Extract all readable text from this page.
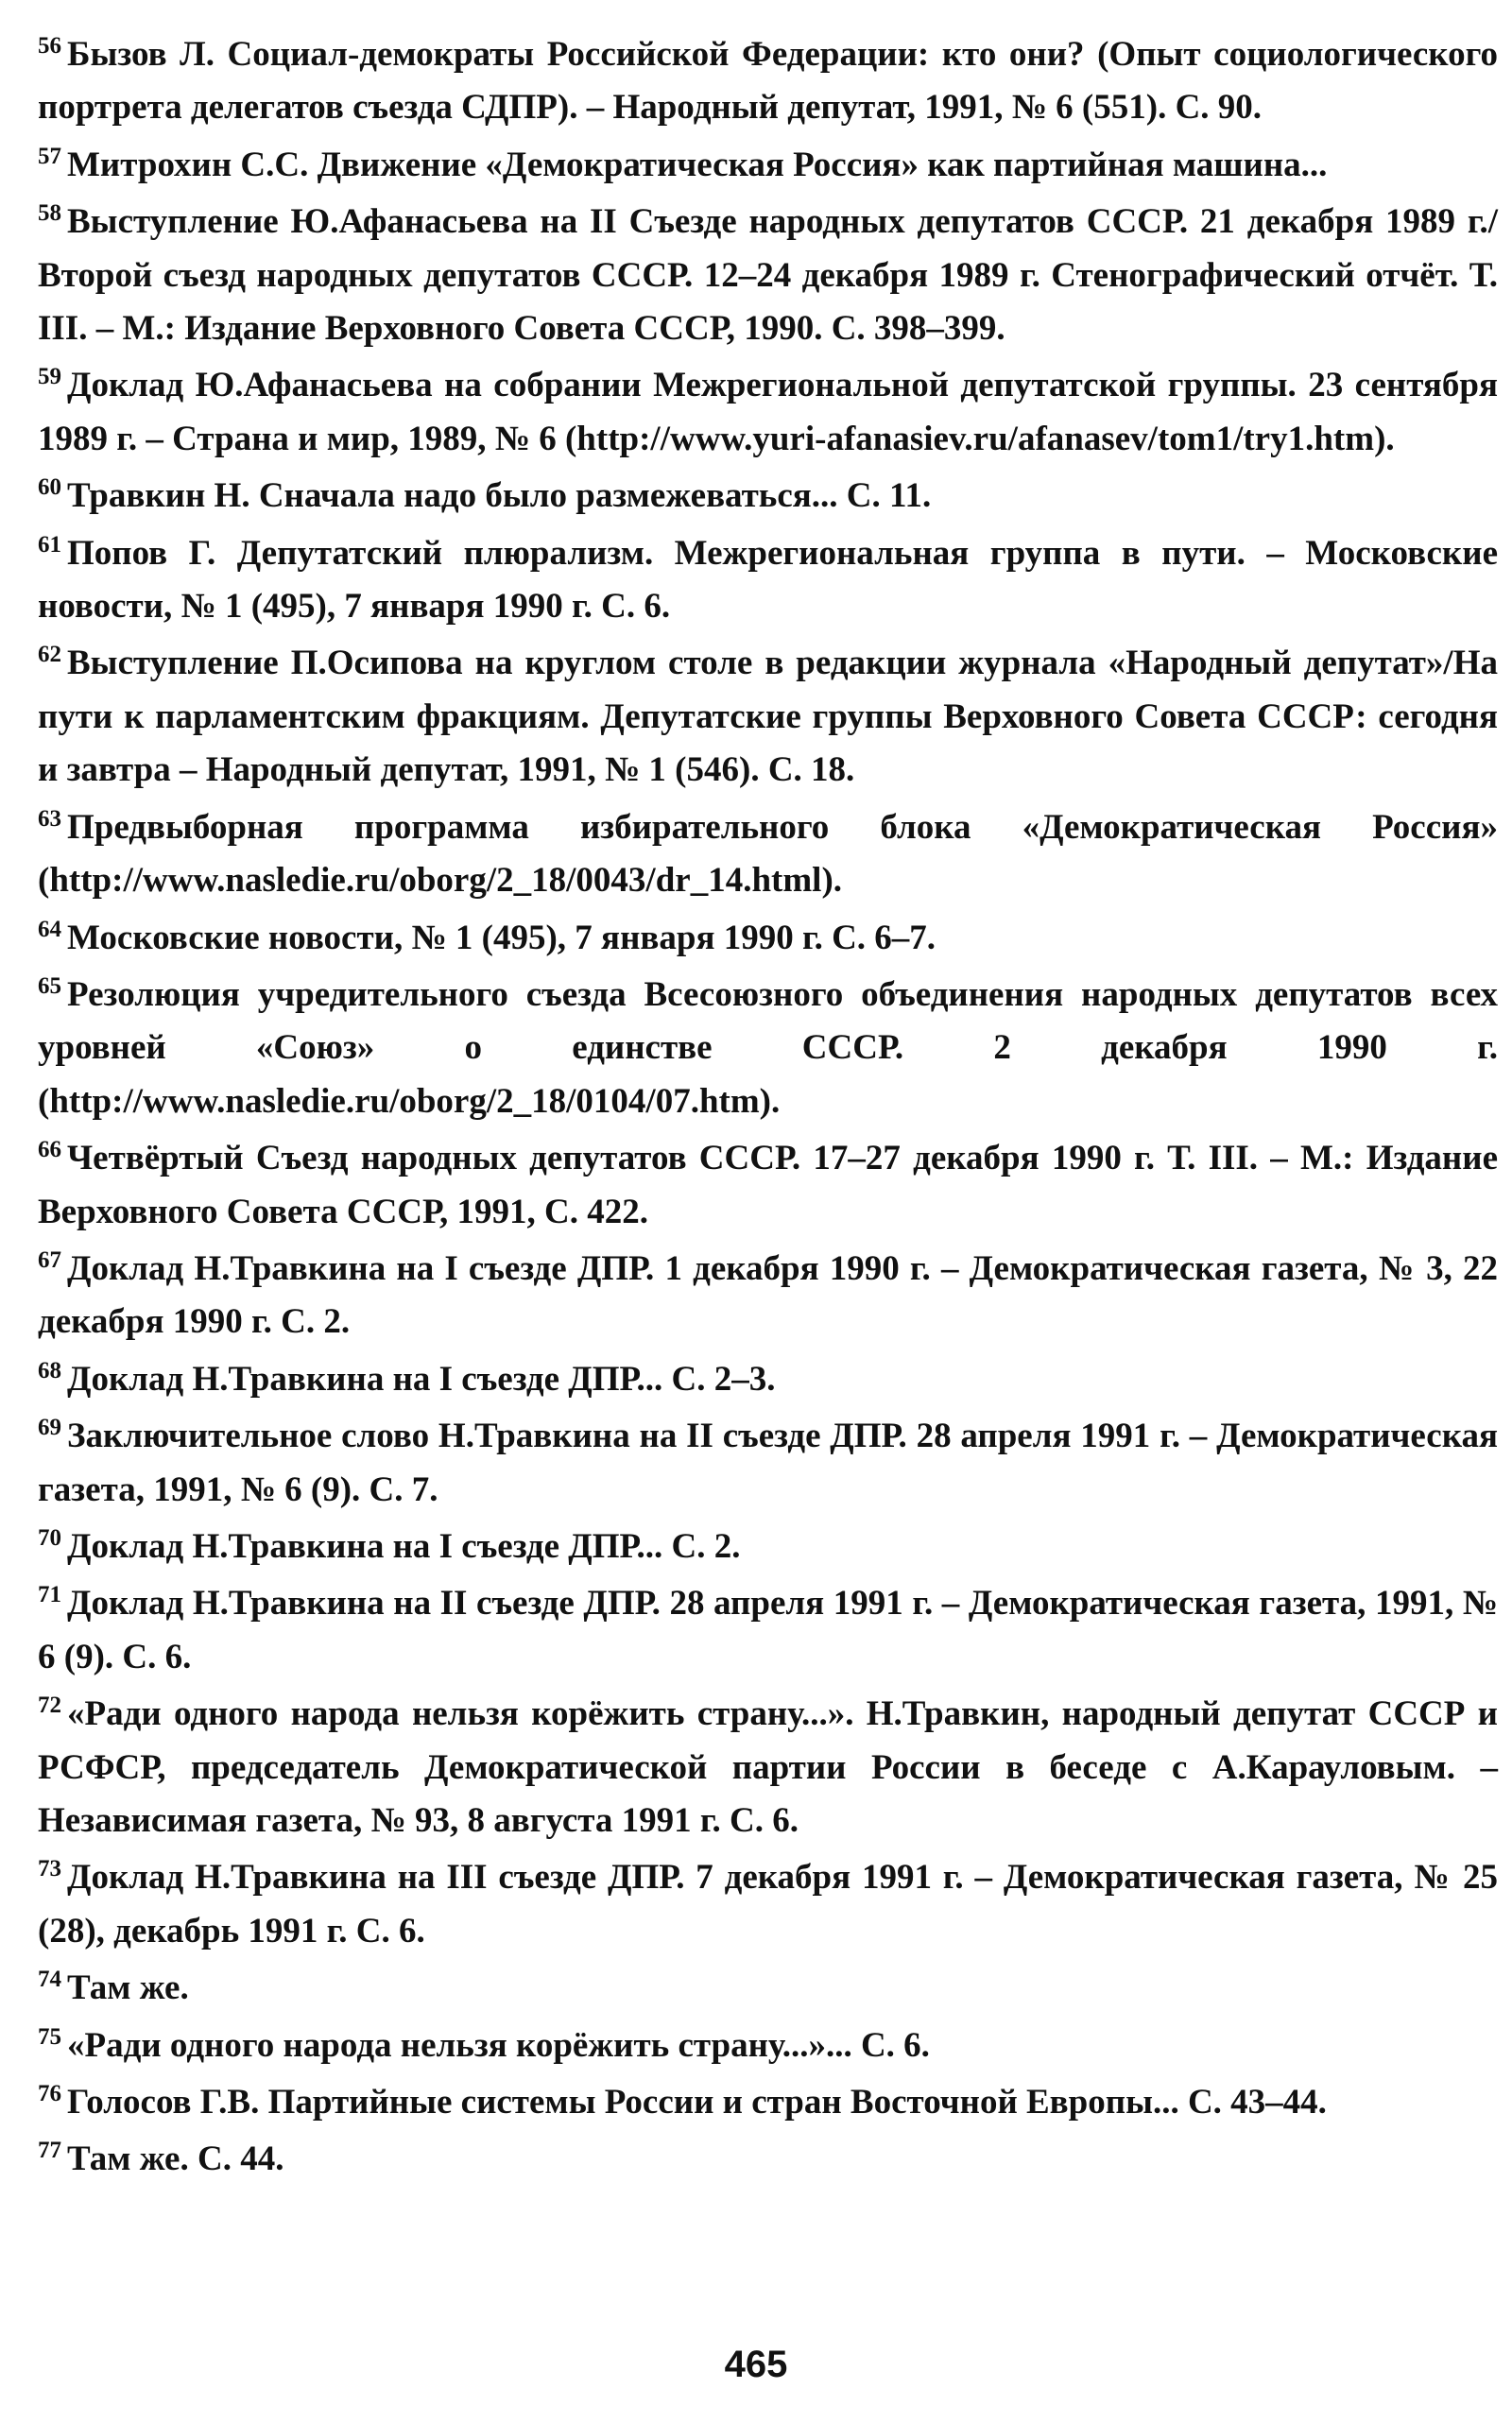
$^{56}$ Бызов Л. Социал-демократы Российской Федерации: кто они? (Опыт социологического портрета делегатов съезда СДПР). – Народный депутат, 1991, № 6 (551). С. 90.

$^{57}$ Митрохин С.С. Движение «Демократическая Россия» как партийная машина...

$^{58}$ Выступление Ю.Афанасьева на II Съезде народных депутатов СССР. 21 декабря 1989 г./Второй съезд народных депутатов СССР. 12–24 декабря 1989 г. Стенографический отчёт. Т. III. – М.: Издание Верховного Совета СССР, 1990. С. 398–399.

$^{59}$ Доклад Ю.Афанасьева на собрании Межрегиональной депутатской группы. 23 сентября 1989 г. – Страна и мир, 1989, № 6 (http://www.yuri-afanasiev.ru/afanasev/tom1/try1.htm).

$^{60}$ Травкин Н. Сначала надо было размежеваться... С. 11.

$^{61}$ Попов Г. Депутатский плюрализм. Межрегиональная группа в пути. – Московские новости, № 1 (495), 7 января 1990 г. С. 6.

$^{62}$ Выступление П.Осипова на круглом столе в редакции журнала «Народный депутат»/На пути к парламентским фракциям. Депутатские группы Верховного Совета СССР: сегодня и завтра – Народный депутат, 1991, № 1 (546). С. 18.

$^{63}$ Предвыборная программа избирательного блока «Демократическая Россия» (http://www.nasledie.ru/oborg/2_18/0043/dr_14.html).

$^{64}$ Московские новости, № 1 (495), 7 января 1990 г. С. 6–7.

$^{65}$ Резолюция учредительного съезда Всесоюзного объединения народных депутатов всех уровней «Союз» о единстве СССР. 2 декабря 1990 г. (http://www.nasledie.ru/oborg/2_18/0104/07.htm).

$^{66}$ Четвёртый Съезд народных депутатов СССР. 17–27 декабря 1990 г. Т. III. – М.: Издание Верховного Совета СССР, 1991, С. 422.

$^{67}$ Доклад Н.Травкина на I съезде ДПР. 1 декабря 1990 г. – Демократическая газета, № 3, 22 декабря 1990 г. С. 2.

$^{68}$ Доклад Н.Травкина на I съезде ДПР... С. 2–3.

$^{69}$ Заключительное слово Н.Травкина на II съезде ДПР. 28 апреля 1991 г. – Демократическая газета, 1991, № 6 (9). С. 7.

$^{70}$ Доклад Н.Травкина на I съезде ДПР... С. 2.

$^{71}$ Доклад Н.Травкина на II съезде ДПР. 28 апреля 1991 г. – Демократическая газета, 1991, № 6 (9). С. 6.

$^{72}$ «Ради одного народа нельзя корёжить страну...». Н.Травкин, народный депутат СССР и РСФСР, председатель Демократической партии России в беседе с А.Карауловым. – Независимая газета, № 93, 8 августа 1991 г. С. 6.

$^{73}$ Доклад Н.Травкина на III съезде ДПР. 7 декабря 1991 г. – Демократическая газета, № 25 (28), декабрь 1991 г. С. 6.

$^{74}$ Там же.

$^{75}$ «Ради одного народа нельзя корёжить страну...»... С. 6.

$^{76}$ Голосов Г.В. Партийные системы России и стран Восточной Европы... С. 43–44.

$^{77}$ Там же. С. 44.

465
